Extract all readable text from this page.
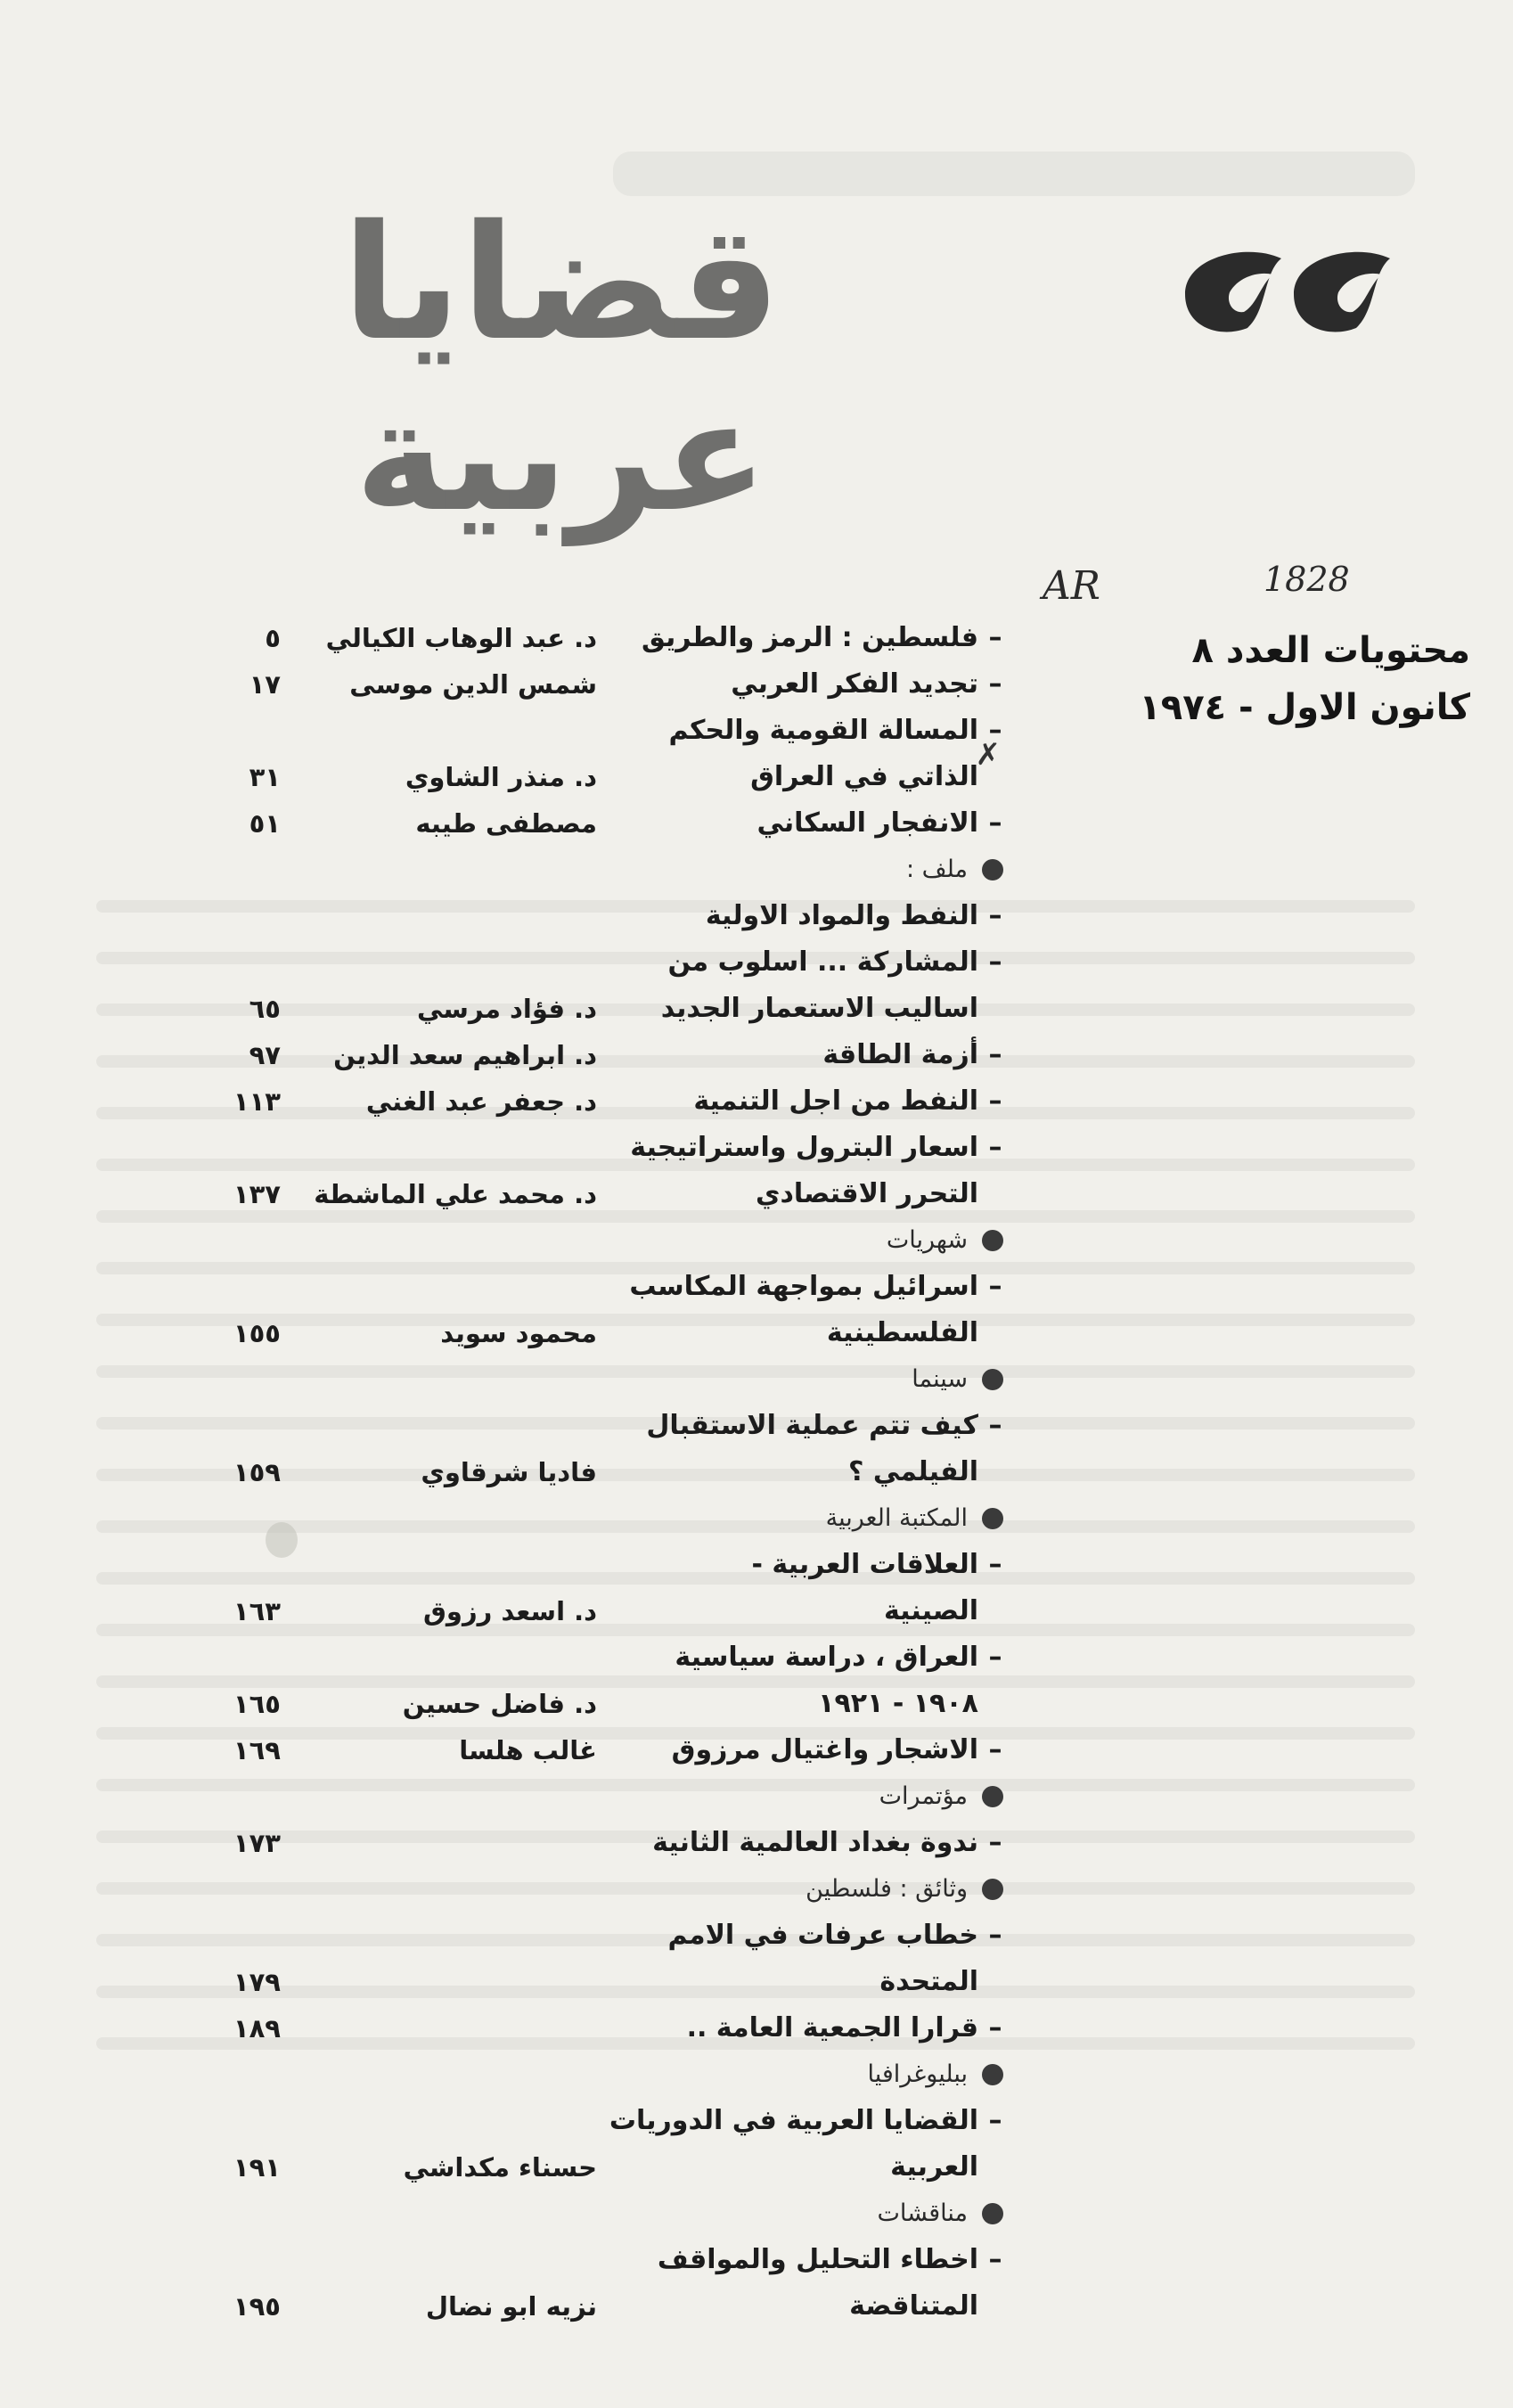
قضايا
عربية
1828
AR
محتويات العدد ٨
كانون الاول - ١٩٧٤
✗
–
فلسطين : الرمز والطريق
د. عبد الوهاب الكيالي
٥
–
تجديد الفكر العربي
شمس الدين موسى
١٧
–
المسالة القومية والحكم
الذاتي في العراق
د. منذر الشاوي
٣١
–
الانفجار السكاني
مصطفى طيبه
٥١
ملف :
–
النفط والمواد الاولية
–
المشاركة ... اسلوب من
اساليب الاستعمار الجديد
د. فؤاد مرسي
٦٥
–
أزمة الطاقة
د. ابراهيم سعد الدين
٩٧
–
النفط من اجل التنمية
د. جعفر عبد الغني
١١٣
–
اسعار البترول واستراتيجية
التحرر الاقتصادي
د. محمد علي الماشطة
١٣٧
شهريات
–
اسرائيل بمواجهة المكاسب
الفلسطينية
محمود سويد
١٥٥
سينما
–
كيف تتم عملية الاستقبال
الفيلمي ؟
فاديا شرقاوي
١٥٩
المكتبة العربية
–
العلاقات العربية -
الصينية
د. اسعد رزوق
١٦٣
–
العراق ، دراسة سياسية
١٩٠٨ - ١٩٢١
د. فاضل حسين
١٦٥
–
الاشجار واغتيال مرزوق
غالب هلسا
١٦٩
مؤتمرات
–
ندوة بغداد العالمية الثانية
١٧٣
وثائق : فلسطين
–
خطاب عرفات في الامم
المتحدة
١٧٩
–
قرارا الجمعية العامة ..
١٨٩
ببليوغرافيا
–
القضايا العربية في الدوريات
العربية
حسناء مكداشي
١٩١
مناقشات
–
اخطاء التحليل والمواقف
المتناقضة
نزيه ابو نضال
١٩٥
